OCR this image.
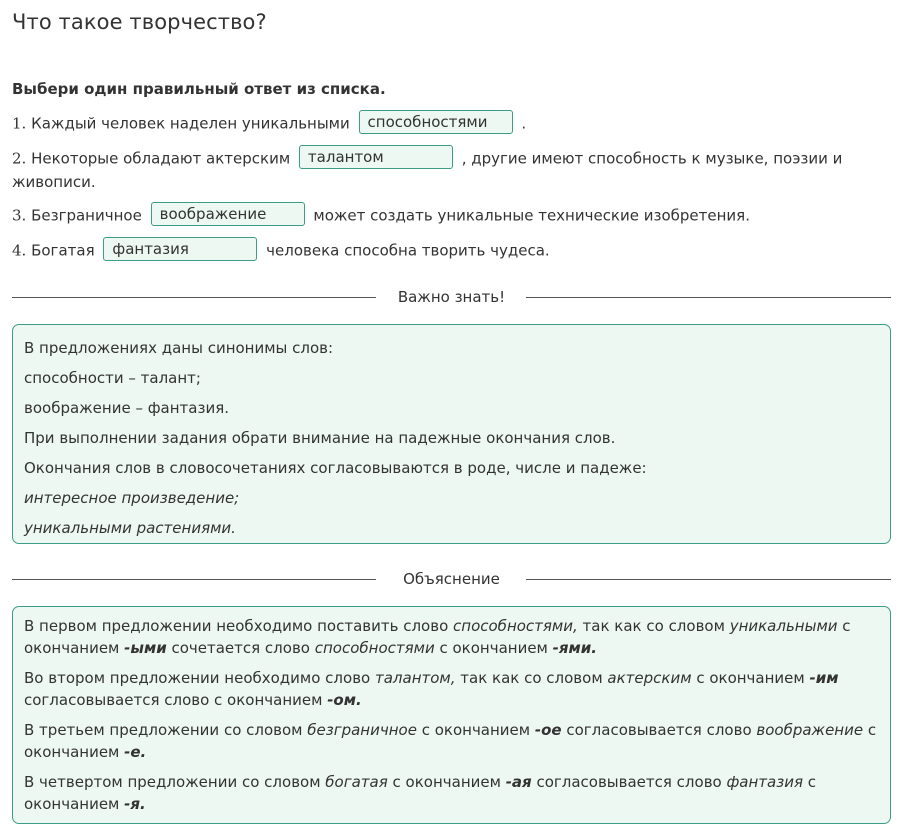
Что такое творчество?
Выбери один правильный ответ из списка.
1. Каждый человек наделен уникальными способностями .
2. Некоторые обладают актерским талантом	, другие имеют способность к музыке, поэзии и живописи.
3. Безграничное воображение	может создать уникальные технические изобретения.
4. Богатая фантазия	человека способна творить чудеса.
Важно знать!

В предложениях даны синонимы слов:

способности – талант;

воображение – фантазия.

При выполнении задания обрати внимание на падежные окончания слов.

Окончания слов в словосочетаниях согласовываются в роде, числе и падеже:

интересное произведение;

уникальными растениями.

Объяснение

В первом предложении необходимо поставить слово способностями, так как со словом уникальными с окончанием -ыми сочетается слово способностями с окончанием -ями.

Во втором предложении необходимо слово талантом, так как со словом актерским с окончанием -им согласовывается слово с окончанием -ом.

В третьем предложении со словом безграничное с окончанием -ое согласовывается слово воображение с окончанием -е.

В четвертом предложении со словом богатая с окончанием -ая согласовывается слово фантазия с окончанием -я.
